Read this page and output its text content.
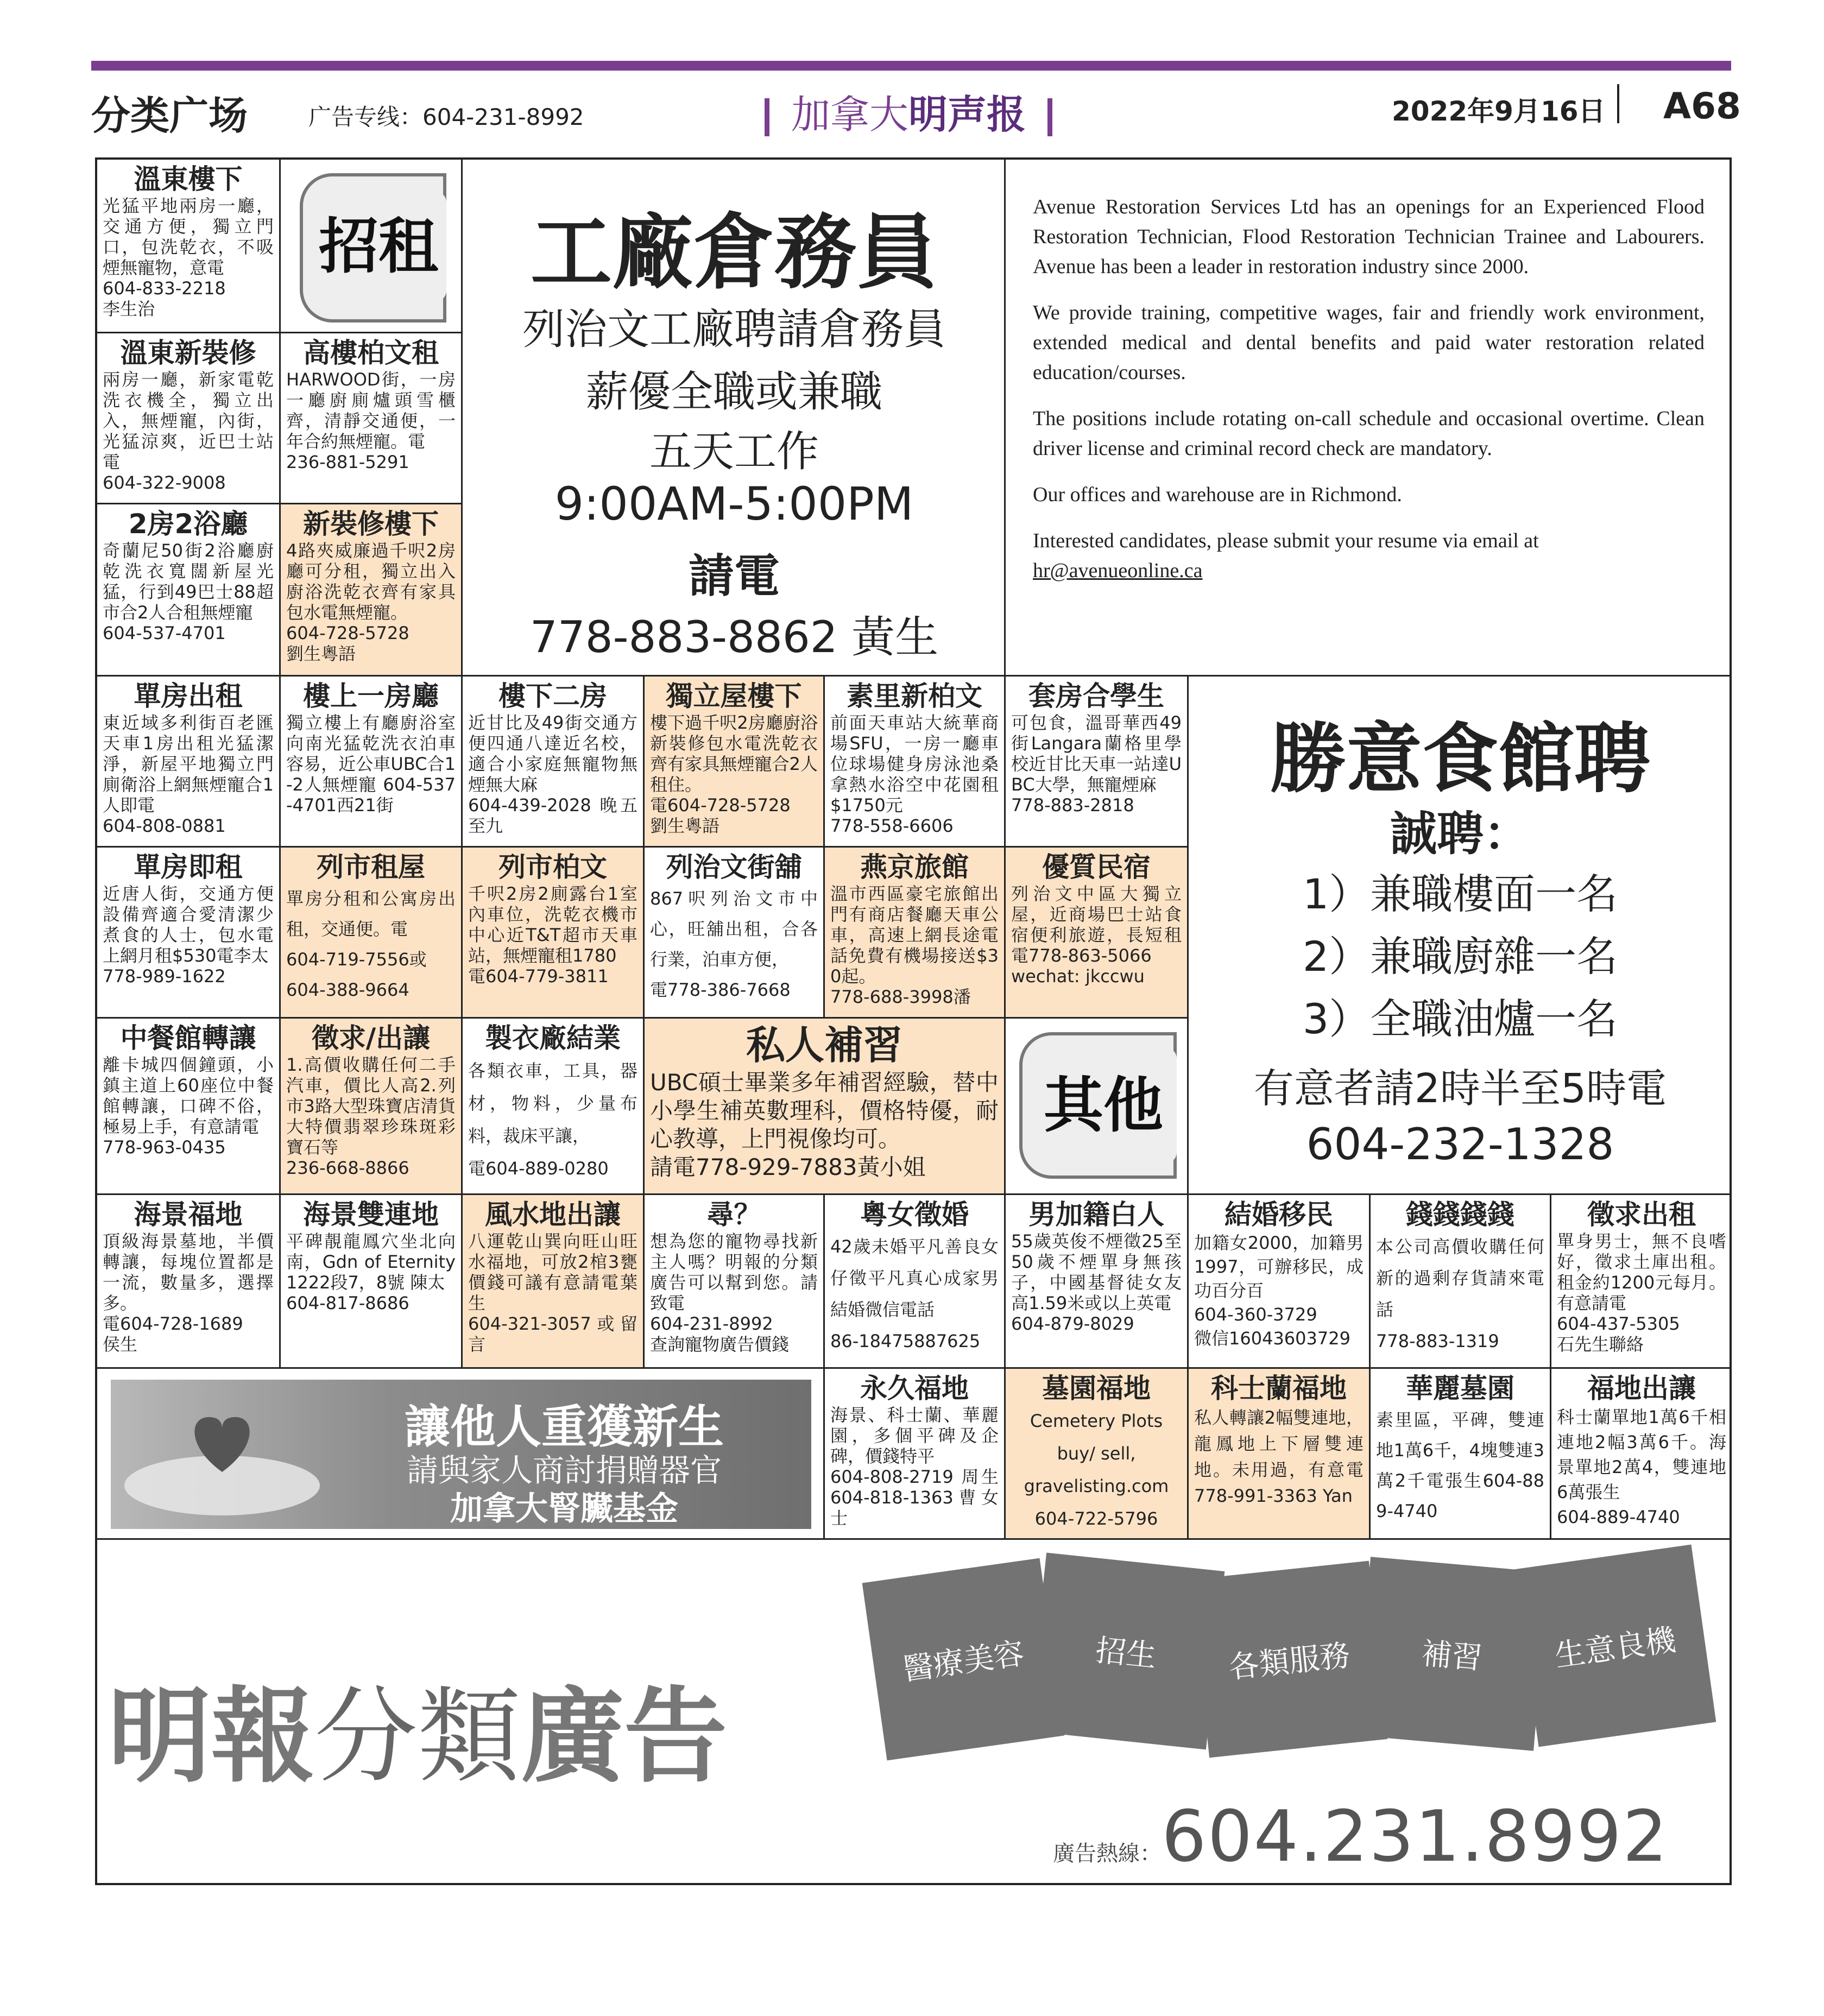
分类广场	广告专线：604-231-8992	加拿大明声报	2022年9月16日 A68
溫東樓下
光猛平地兩房一廳，交通方便，獨立門口，包洗乾衣，不吸煙無寵物，意電
604-833-2218
李生治
招租
溫東新裝修
兩房一廳，新家電乾洗衣機全，獨立出入，無煙寵，內街，光猛涼爽，近巴士站電
604-322-9008
高樓柏文租
HARWOOD街，一房一廳廚廁爐頭雪櫃齊，清靜交通便，一年合約無煙寵。電
236-881-5291
2房2浴廳
奇蘭尼50街2浴廳廚乾洗衣寬闊新屋光猛，行到49巴士88超市合2人合租無煙寵
604-537-4701
新裝修樓下
4路夾威廉過千呎2房廳可分租，獨立出入廚浴洗乾衣齊有家具包水電無煙寵。
604-728-5728
劉生粵語
工廠倉務員
列治文工廠聘請倉務員
薪優全職或兼職
五天工作
9:00AM-5:00PM
請電
778-883-8862 黃生

Avenue Restoration Services Ltd has an openings for an Experienced Flood Restoration Technician, Flood Restoration Technician Trainee and Labourers. Avenue has been a leader in restoration industry since 2000.

We provide training, competitive wages, fair and friendly work environment, extended medical and dental benefits and paid water restoration related education/courses.

The positions include rotating on-call schedule and occasional overtime. Clean driver license and criminal record check are mandatory.

Our offices and warehouse are in Richmond.

Interested candidates, please submit your resume via email at

hr@avenueonline.ca

單房出租
東近域多利街百老匯天車1房出租光猛潔淨，新屋平地獨立門廁衛浴上網無煙寵合1人即電
604-808-0881
樓上一房廳
獨立樓上有廳廚浴室向南光猛乾洗衣泊車容易，近公車UBC合1-2人無煙寵 604-537-4701西21街
樓下二房
近甘比及49街交通方便四通八達近名校，適合小家庭無寵物無煙無大麻
604-439-2028 晚五至九
獨立屋樓下
樓下過千呎2房廳廚浴新裝修包水電洗乾衣齊有家具無煙寵合2人租住。
電604-728-5728
劉生粵語
素里新柏文
前面天車站大統華商場SFU，一房一廳車位球場健身房泳池桑拿熱水浴空中花園租$1750元
778-558-6606
套房合學生
可包食，溫哥華西49街Langara蘭格里學校近甘比天車一站達UBC大學，無寵煙麻
778-883-2818
勝意食館聘
誠聘：
1）兼職樓面一名
2）兼職廚雜一名
3）全職油爐一名
有意者請2時半至5時電
604-232-1328
單房即租
近唐人街，交通方便設備齊適合愛清潔少煮食的人士，包水電上網月租$530電李太
778-989-1622
列市租屋
單房分租和公寓房出租，交通便。電
604-719-7556或
604-388-9664
列市柏文
千呎2房2廁露台1室內車位，洗乾衣機市中心近T&T超市天車站，無煙寵租1780
電604-779-3811
列治文街舖
867呎列治文市中心，旺舖出租，合各行業，泊車方便，
電778-386-7668
燕京旅館
溫市西區豪宅旅館出門有商店餐廳天車公車，高速上網長途電話免費有機場接送$30起。
778-688-3998潘
優質民宿
列治文中區大獨立屋，近商場巴士站食宿便利旅遊，長短租電778-863-5066
wechat: jkccwu
中餐館轉讓
離卡城四個鐘頭，小鎮主道上60座位中餐館轉讓，口碑不俗，極易上手，有意請電
778-963-0435
徵求/出讓
1.高價收購任何二手汽車，價比人高2.列市3路大型珠寶店清貨大特價翡翠珍珠斑彩寶石等
236-668-8866
製衣廠結業
各類衣車，工具，器材，物料，少量布料，裁床平讓，
電604-889-0280
私人補習
UBC碩士畢業多年補習經驗，替中小學生補英數理科，價格特優，耐心教導，上門視像均可。
請電778-929-7883黃小姐
其他
海景福地
頂級海景墓地，半價轉讓，每塊位置都是一流，數量多，選擇多。
電604-728-1689
侯生
海景雙連地
平碑靚龍鳳穴坐北向南，Gdn of Eternity 1222段7，8號 陳太
604-817-8686
風水地出讓
八運乾山巽向旺山旺水福地，可放2棺3甕價錢可議有意請電葉生
604-321-3057或留言
尋？
想為您的寵物尋找新主人嗎？明報的分類廣告可以幫到您。請致電
604-231-8992
查詢寵物廣告價錢
粵女徵婚
42歲未婚平凡善良女仔徵平凡真心成家男結婚微信電話
86-18475887625
男加籍白人
55歲英俊不煙徵25至50歲不煙單身無孩子，中國基督徒女友高1.59米或以上英電
604-879-8029
結婚移民
加籍女2000，加籍男1997，可辦移民，成功百分百
604-360-3729
微信16043603729
錢錢錢錢
本公司高價收購任何新的過剩存貨請來電話
778-883-1319
徵求出租
單身男士，無不良嗜好，徵求土庫出租。租金約1200元每月。有意請電
604-437-5305
石先生聯絡
讓他人重獲新生
請與家人商討捐贈器官
加拿大腎臟基金
永久福地
海景、科士蘭、華麗園，多個平碑及企碑，價錢特平
604-808-2719 周生604-818-1363曹女士
墓園福地
Cemetery Plots
buy/ sell,
gravelisting.com
604-722-5796
科士蘭福地
私人轉讓2幅雙連地，龍鳳地上下層雙連地。未用過，有意電 778-991-3363 Yan
華麗墓園
素里區，平碑，雙連地1萬6千，4塊雙連3萬2千電張生604-889-4740
福地出讓
科士蘭單地1萬6千相連地2幅3萬6千。海景單地2萬4，雙連地6萬張生
604-889-4740
明報分類廣告
醫療美容	招生	各類服務	補習	生意良機
廣告熱線：604.231.8992
